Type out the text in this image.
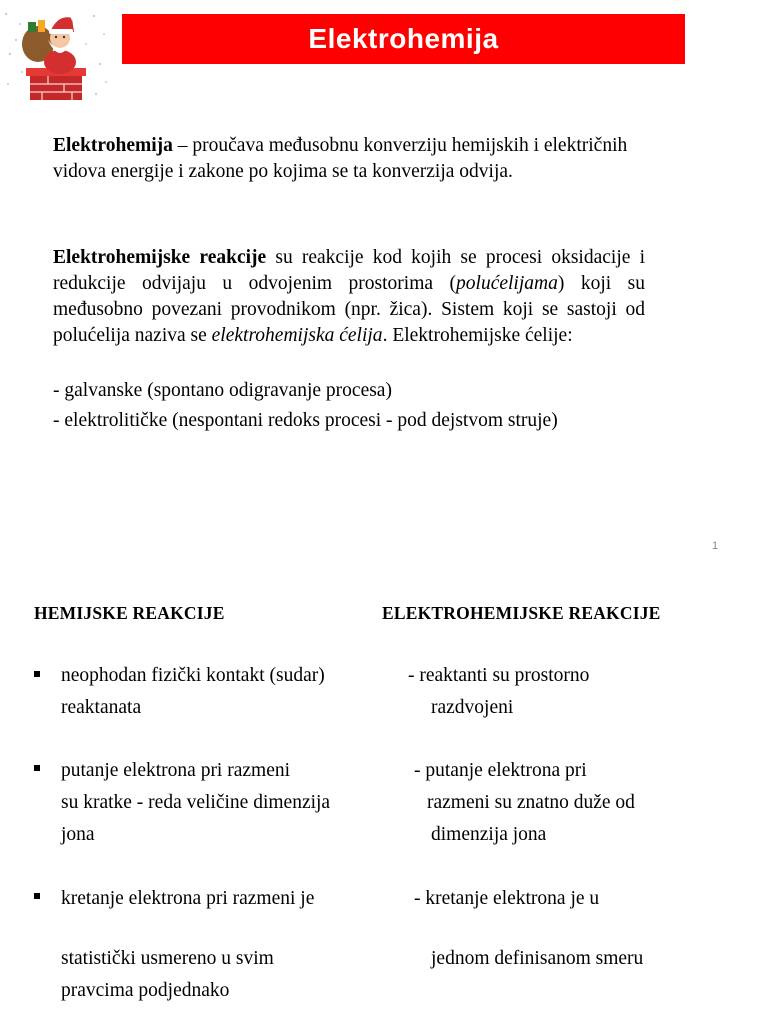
Elektrohemija
Elektrohemija – proučava međusobnu konverziju hemijskih i električnih vidova energije i zakone po kojima se ta konverzija odvija.
Elektrohemijske reakcije su reakcije kod kojih se procesi oksidacije i redukcije odvijaju u odvojenim prostorima (polućelijama) koji su međusobno povezani provodnikom (npr. žica). Sistem koji se sastoji od polućelija naziva se elektrohemijska ćelija. Elektrohemijske ćelije:
- galvanske (spontano odigravanje procesa)
- elektrolitičke (nespontani redoks procesi - pod dejstvom struje)
1
HEMIJSKE REAKCIJE	ELEKTROHEMIJSKE REAKCIJE
neophodan fizički kontakt (sudar)
reaktanata
- reaktanti su prostorno
razdvojeni
putanje elektrona pri razmeni
su kratke - reda veličine dimenzija
jona
- putanje elektrona pri
razmeni su znatno duže od
dimenzija jona
kretanje elektrona pri razmeni je
statistički usmereno u svim
pravcima podjednako
- kretanje elektrona je u
jednom definisanom smeru
